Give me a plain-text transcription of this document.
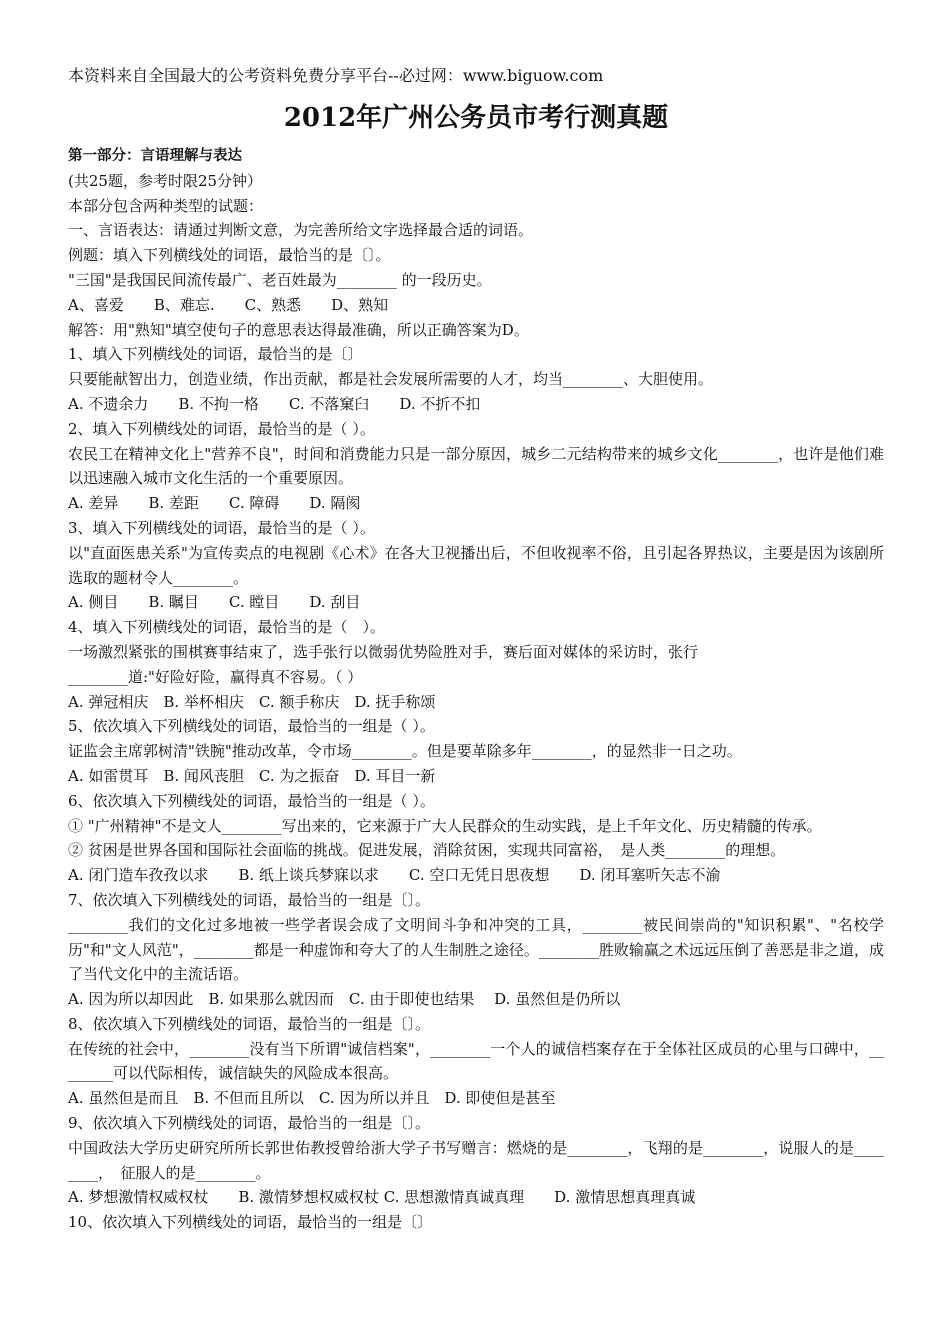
本资料来自全国最大的公考资料免费分享平台--必过网：www.biguow.com
2012年广州公务员市考行测真题
第一部分：言语理解与表达
(共25题，参考时限25分钟）
本部分包含两种类型的试题：
一、言语表达：请通过判断文意，为完善所给文字选择最合适的词语。
例题：填入下列横线处的词语，最恰当的是〔〕。
"三国"是我国民间流传最广、老百姓最为________ 的一段历史。
A、喜爱　　B、难忘.　　C、熟悉　　D、熟知
解答：用"熟知"填空使句子的意思表达得最准确，所以正确答案为D。
1、填入下列横线处的词语，最恰当的是〔〕
只要能献智出力，创造业绩，作出贡献，都是社会发展所需要的人才，均当________、大胆使用。
A. 不遗余力　　B. 不拘一格　　C. 不落窠臼　　D. 不折不扣
2、填入下列横线处的词语，最恰当的是（ ）。
农民工在精神文化上"营养不良"，时间和消费能力只是一部分原因，城乡二元结构带来的城乡文化________，也许是他们难以迅速融入城市文化生活的一个重要原因。
A. 差异　　B. 差距　　C. 障碍　　D. 隔阂
3、填入下列横线处的词语，最恰当的是（ ）。
以"直面医患关系"为宣传卖点的电视剧《心术》在各大卫视播出后，不但收视率不俗，且引起各界热议，主要是因为该剧所选取的题材令人________。
A. 侧目　　B. 瞩目　　C. 瞠目　　D. 刮目
4、填入下列横线处的词语，最恰当的是（　）。
一场激烈紧张的围棋赛事结束了，选手张行以微弱优势险胜对手，赛后面对媒体的采访时，张行
________道:"好险好险，赢得真不容易。（ ）
A. 弹冠相庆　B. 举杯相庆　C. 额手称庆　D. 抚手称颂
5、依次填入下列横线处的词语，最恰当的一组是（ ）。
证监会主席郭树清"铁腕"推动改革，令市场________。但是要革除多年________，的显然非一日之功。
A. 如雷贯耳　B. 闻风丧胆　C. 为之振奋　D. 耳目一新
6、依次填入下列横线处的词语，最恰当的一组是（ ）。
① "广州精神"不是文人________写出来的，它来源于广大人民群众的生动实践，是上千年文化、历史精髓的传承。
② 贫困是世界各国和国际社会面临的挑战。促进发展，消除贫困，实现共同富裕，　是人类________的理想。
A. 闭门造车孜孜以求　　B. 纸上谈兵梦寐以求　　C. 空口无凭日思夜想　　D. 闭耳塞听矢志不渝
7、依次填入下列横线处的词语，最恰当的一组是〔〕。
________我们的文化过多地被一些学者误会成了文明间斗争和冲突的工具，________被民间崇尚的"知识积累"、"名校学历"和"文人风范"，________都是一种虚饰和夸大了的人生制胜之途径。________胜败输赢之术远远压倒了善恶是非之道，成了当代文化中的主流话语。
A. 因为所以却因此　B. 如果那么就因而　C. 由于即使也结果　 D. 虽然但是仍所以
8、依次填入下列横线处的词语，最恰当的一组是〔〕。
在传统的社会中，________没有当下所谓"诚信档案"，________一个人的诚信档案存在于全体社区成员的心里与口碑中，________可以代际相传，诚信缺失的风险成本很高。
A. 虽然但是而且　B. 不但而且所以　C. 因为所以并且　D. 即使但是甚至
9、依次填入下列横线处的词语，最恰当的一组是〔〕。
中国政法大学历史研究所所长郭世佑教授曾给浙大学子书写赠言：燃烧的是________，飞翔的是________，说服人的是________，　征服人的是________。
A. 梦想激情权威权杖　　B. 激情梦想权威权杖 C. 思想激情真诚真理　　D. 激情思想真理真诚
10、依次填入下列横线处的词语，最恰当的一组是〔〕
